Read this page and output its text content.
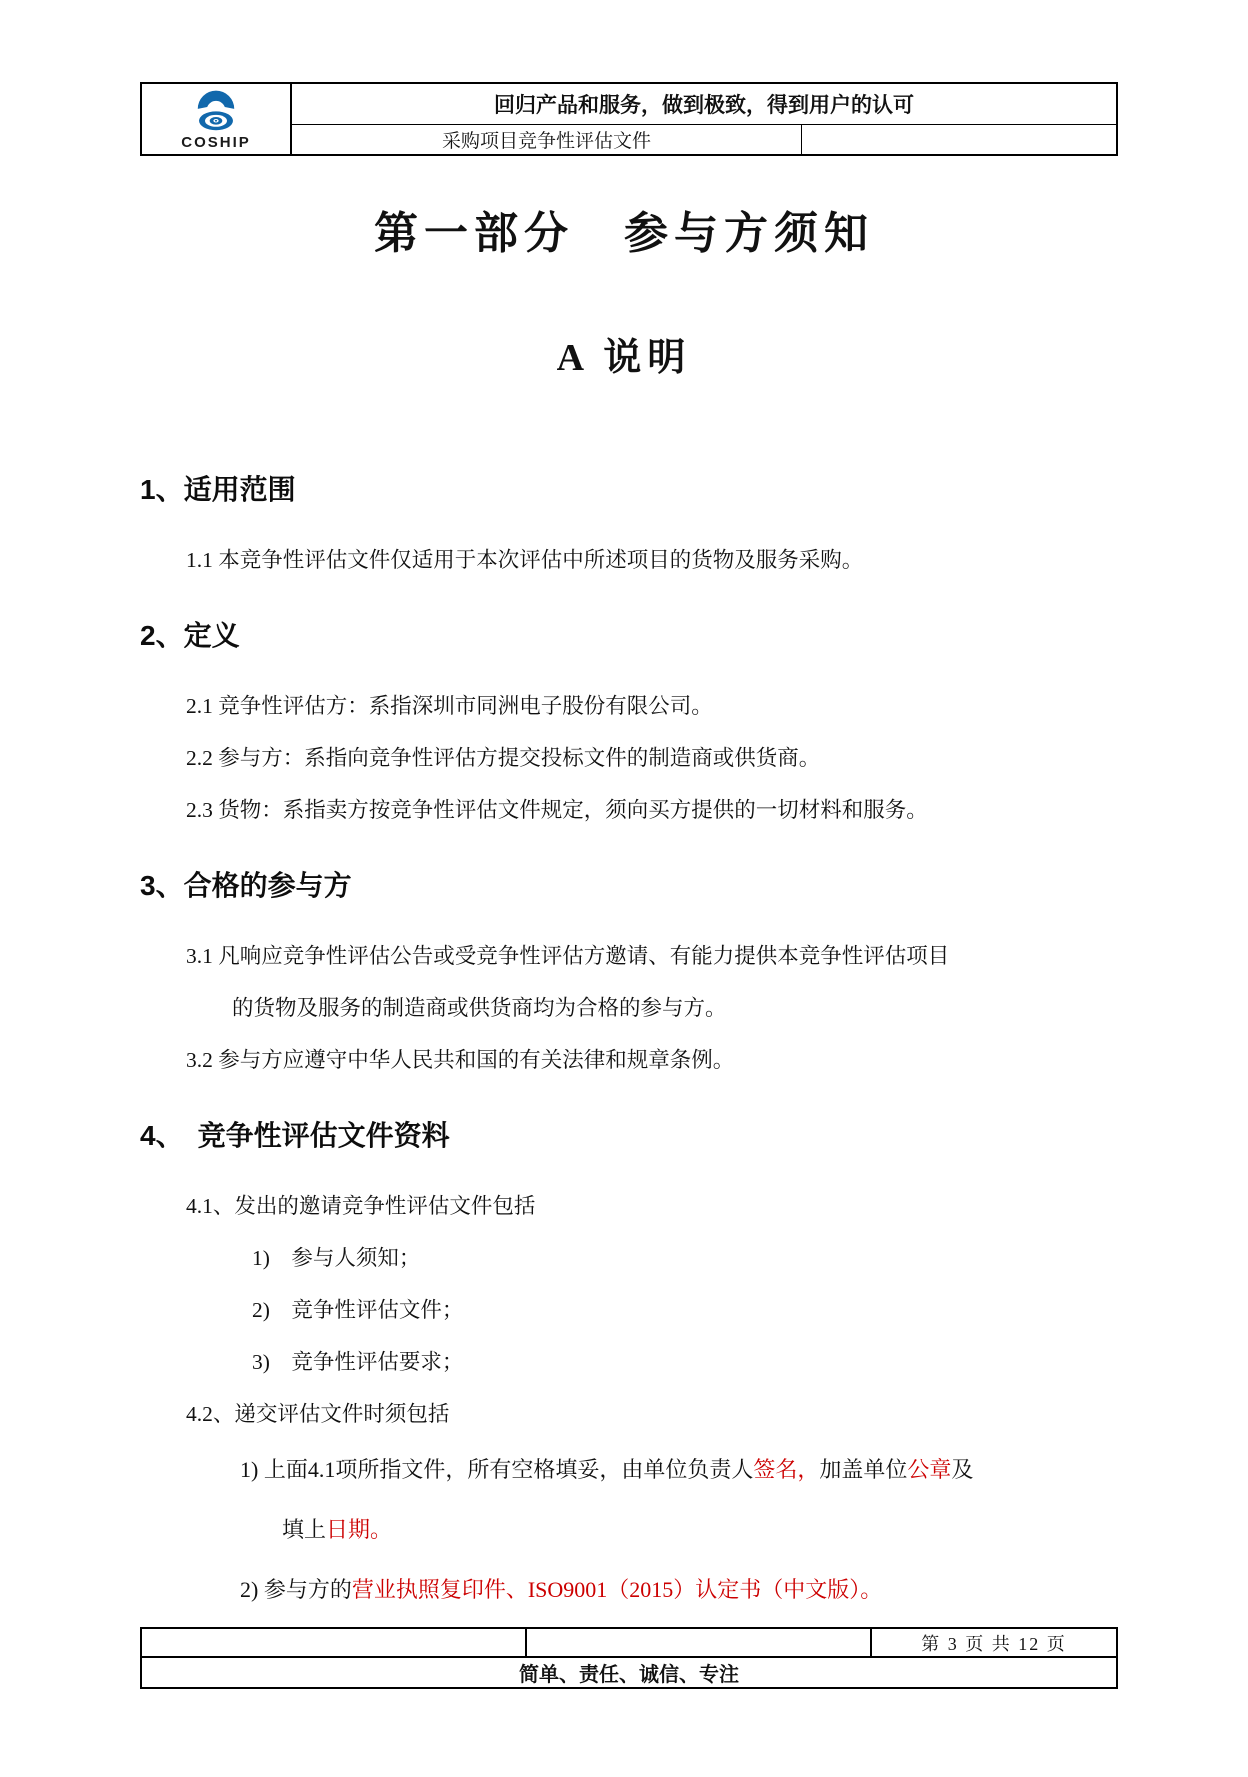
COSHIP
回归产品和服务，做到极致，得到用户的认可
采购项目竞争性评估文件
第一部分　参与方须知
A 说明
1、适用范围
1.1 本竞争性评估文件仅适用于本次评估中所述项目的货物及服务采购。
2、定义
2.1 竞争性评估方：系指深圳市同洲电子股份有限公司。
2.2 参与方：系指向竞争性评估方提交投标文件的制造商或供货商。
2.3 货物：系指卖方按竞争性评估文件规定，须向买方提供的一切材料和服务。
3、合格的参与方
3.1 凡响应竞争性评估公告或受竞争性评估方邀请、有能力提供本竞争性评估项目
的货物及服务的制造商或供货商均为合格的参与方。
3.2 参与方应遵守中华人民共和国的有关法律和规章条例。
4、　竞争性评估文件资料
4.1、发出的邀请竞争性评估文件包括
1)　参与人须知；
2)　竞争性评估文件；
3)　竞争性评估要求；
4.2、递交评估文件时须包括
1) 上面4.1项所指文件，所有空格填妥，由单位负责人签名，加盖单位公章及
填上日期。
2) 参与方的营业执照复印件、ISO9001（2015）认定书（中文版）。
第 3 页 共 12 页
简单、责任、诚信、专注
